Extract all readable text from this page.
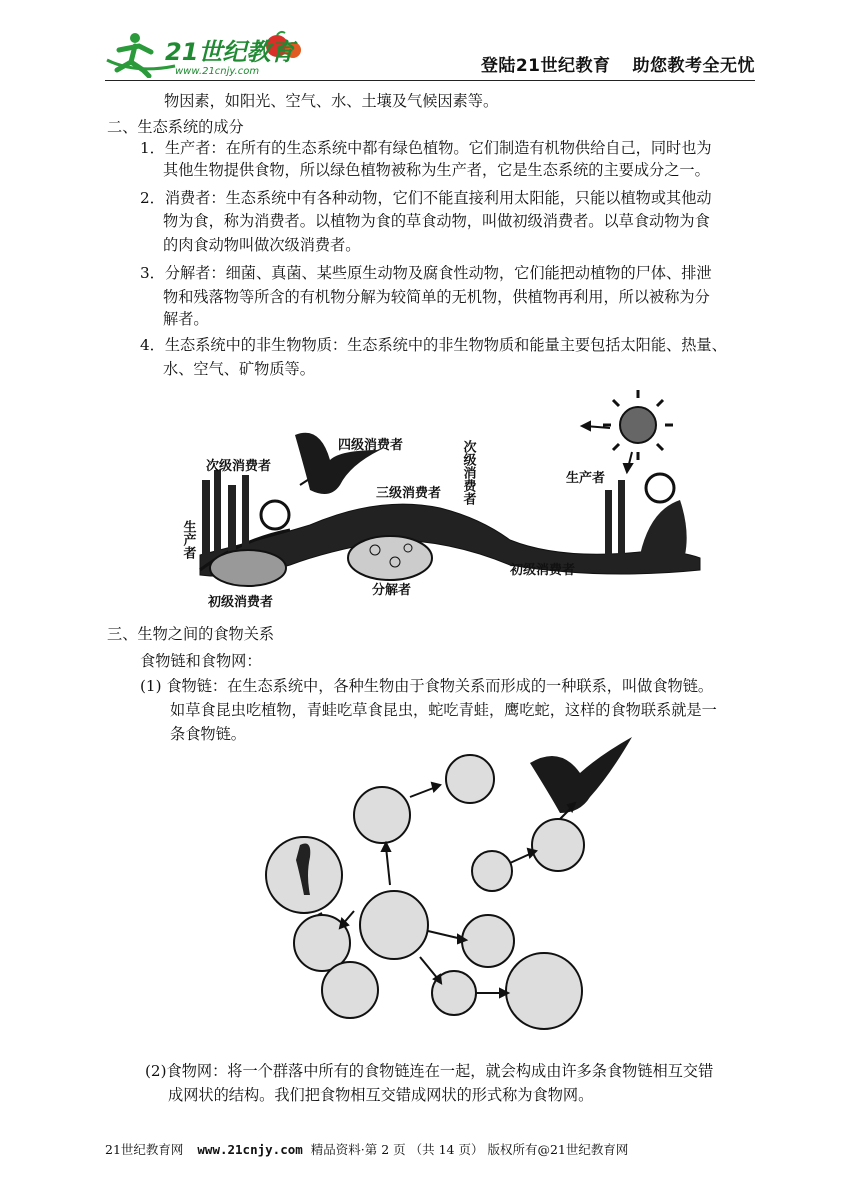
21世纪教育
www.21cnjy.com	登陆21世纪教育 助您教考全无忧
物因素，如阳光、空气、水、土壤及气候因素等。
二、生态系统的成分
1．生产者：在所有的生态系统中都有绿色植物。它们制造有机物供给自己，同时也为
其他生物提供食物，所以绿色植物被称为生产者，它是生态系统的主要成分之一。
2．消费者：生态系统中有各种动物，它们不能直接利用太阳能，只能以植物或其他动
物为食，称为消费者。以植物为食的草食动物，叫做初级消费者。以草食动物为食
的肉食动物叫做次级消费者。
3．分解者：细菌、真菌、某些原生动物及腐食性动物，它们能把动植物的尸体、排泄
物和残落物等所含的有机物分解为较简单的无机物，供植物再利用，所以被称为分
解者。
4．生态系统中的非生物物质：生态系统中的非生物物质和能量主要包括太阳能、热量、
水、空气、矿物质等。
四级消费者
次级消费者
三级消费者 次级消费者	生产者
生产者
分解者
初级消费者
初级消费者
三、生物之间的食物关系
食物链和食物网：
(1) 食物链：在生态系统中，各种生物由于食物关系而形成的一种联系，叫做食物链。
如草食昆虫吃植物，青蛙吃草食昆虫，蛇吃青蛙，鹰吃蛇，这样的食物联系就是一
条食物链。
(2)食物网：将一个群落中所有的食物链连在一起，就会构成由许多条食物链相互交错
成网状的结构。我们把食物相互交错成网状的形式称为食物网。
21世纪教育网 www.21cnjy.com 精品资料·第 2 页 （共 14 页） 版权所有@21世纪教育网
